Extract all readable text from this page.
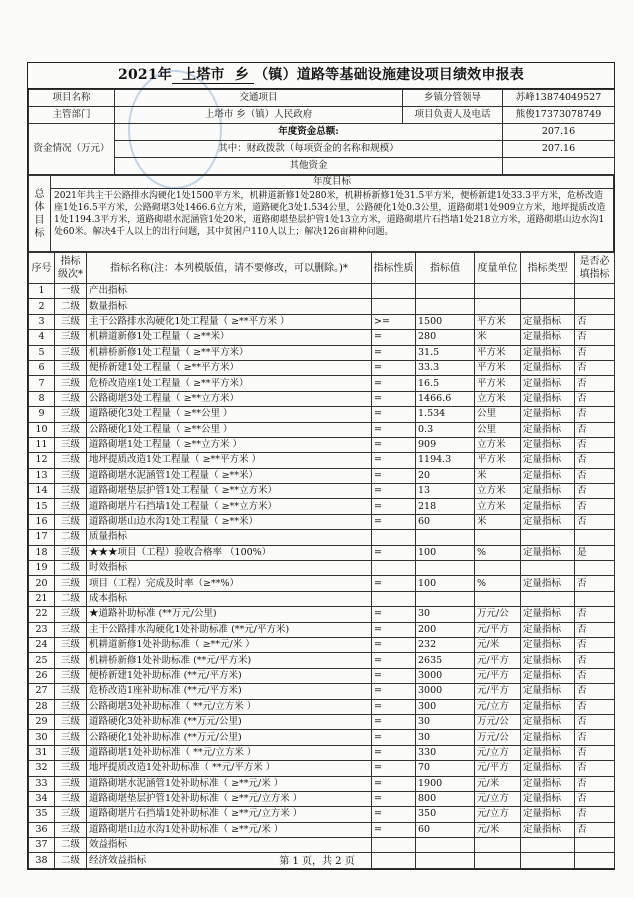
2021年 上塔市 乡 （镇）道路等基础设施建设项目绩效申报表
项目名称	交通项目	乡镇分管领导	苏峰13874049527
主管部门	上塔市 乡（镇）人民政府	项目负责人及电话	熊俊17373078749
资金情况（万元）	年度资金总额:		207.16
	其中：财政拨款（每项资金的名称和规模）		207.16
	其他资金		
总体目标	年度目标
2021年共主干公路排水沟硬化1处1500平方米，机耕道新修1处280米，机耕桥新修1处31.5平方米，便桥新建1处33.3平方米，危桥改造座1处16.5平方米，公路砌堪3处1466.6立方米，道路硬化3处1.534公里，公路硬化1处0.3公里，道路砌堪1处909立方米，地坪提质改造1处1194.3平方米，道路砌堪水泥涵管1处20米，道路砌堪垫层护管1处13立方米，道路砌堪片石挡墙1处218立方米，道路砌堪山边水沟1处60米。解决4千人以上的出行问题，其中贫困户110人以上；解决126亩耕种问题。
序号	指标级次*	指标名称(注：本列模版值，请不要修改，可以删除。)*	指标性质	指标值	度量单位	指标类型	是否必填指标
1	一级	产出指标					
2	二级	数量指标					
3	三级	主干公路排水沟硬化1处工程量（ ≥**平方米 ）	>=	1500	平方米	定量指标	否
4	三级	机耕道新修1处工程量（ ≥**米）	=	280	米	定量指标	否
5	三级	机耕桥新修1处工程量（ ≥**平方米）	=	31.5	平方米	定量指标	否
6	三级	便桥新建1处工程量（ ≥**平方米）	=	33.3	平方米	定量指标	否
7	三级	危桥改造座1处工程量（ ≥**平方米）	=	16.5	平方米	定量指标	否
8	三级	公路砌堪3处工程量（ ≥**立方米）	=	1466.6	立方米	定量指标	否
9	三级	道路硬化3处工程量（ ≥**公里 ）	=	1.534	公里	定量指标	否
10	三级	公路硬化1处工程量（ ≥**公里 ）	=	0.3	公里	定量指标	否
11	三级	道路砌堪1处工程量（ ≥**立方米 ）	=	909	立方米	定量指标	否
12	三级	地坪提质改造1处工程量（ ≥**平方米 ）	=	1194.3	平方米	定量指标	否
13	三级	道路砌堪水泥涵管1处工程量（ ≥**米）	=	20	米	定量指标	否
14	三级	道路砌堪垫层护管1处工程量（ ≥**立方米）	=	13	立方米	定量指标	否
15	三级	道路砌堪片石挡墙1处工程量（ ≥**立方米）	=	218	立方米	定量指标	否
16	三级	道路砌堪山边水沟1处工程量（ ≥**米）	=	60	米	定量指标	否
17	二级	质量指标					
18	三级	★★★项目（工程）验收合格率 （100%）	=	100	%	定量指标	是
19	二级	时效指标					
20	三级	项目（工程）完成及时率（≥**%）	=	100	%	定量指标	否
21	二级	成本指标					
22	三级	★道路补助标准 (**万元/公里)	=	30	万元/公	定量指标	否
23	三级	主干公路排水沟硬化1处补助标准 (**元/平方米)	=	200	元/平方	定量指标	否
24	三级	机耕道新修1处补助标准（ ≥**元/米 ）	=	232	元/米	定量指标	否
25	三级	机耕桥新修1处补助标准 (**元/平方米)	=	2635	元/平方	定量指标	否
26	三级	便桥新建1处补助标准 (**元/平方米)	=	3000	元/平方	定量指标	否
27	三级	危桥改造1座补助标准 (**元/平方米)	=	3000	元/平方	定量指标	否
28	三级	公路砌堪3处补助标准（ **元/立方米 ）	=	300	元/立方	定量指标	否
29	三级	道路硬化3处补助标准 (**万元/公里)	=	30	万元/公	定量指标	否
30	三级	公路硬化1处补助标准 (**万元/公里)	=	30	万元/公	定量指标	否
31	三级	道路砌堪1处补助标准（ **元/立方米 ）	=	330	元/立方	定量指标	否
32	三级	地坪提质改造1处补助标准（ **元/平方米 ）	=	70	元/平方	定量指标	否
33	三级	道路砌堪水泥涵管1处补助标准（ ≥**元/米 ）	=	1900	元/米	定量指标	否
34	三级	道路砌堪垫层护管1处补助标准（ ≥**元/立方米 ）	=	800	元/立方	定量指标	否
35	三级	道路砌堪片石挡墙1处补助标准（ ≥**元/立方米 ）	=	350	元/立方	定量指标	否
36	三级	道路砌堪山边水沟1处补助标准（ ≥**元/米 ）	=	60	元/米	定量指标	否
37	二级	效益指标					
38	二级	经济效益指标						第 1 页，共 2 页
